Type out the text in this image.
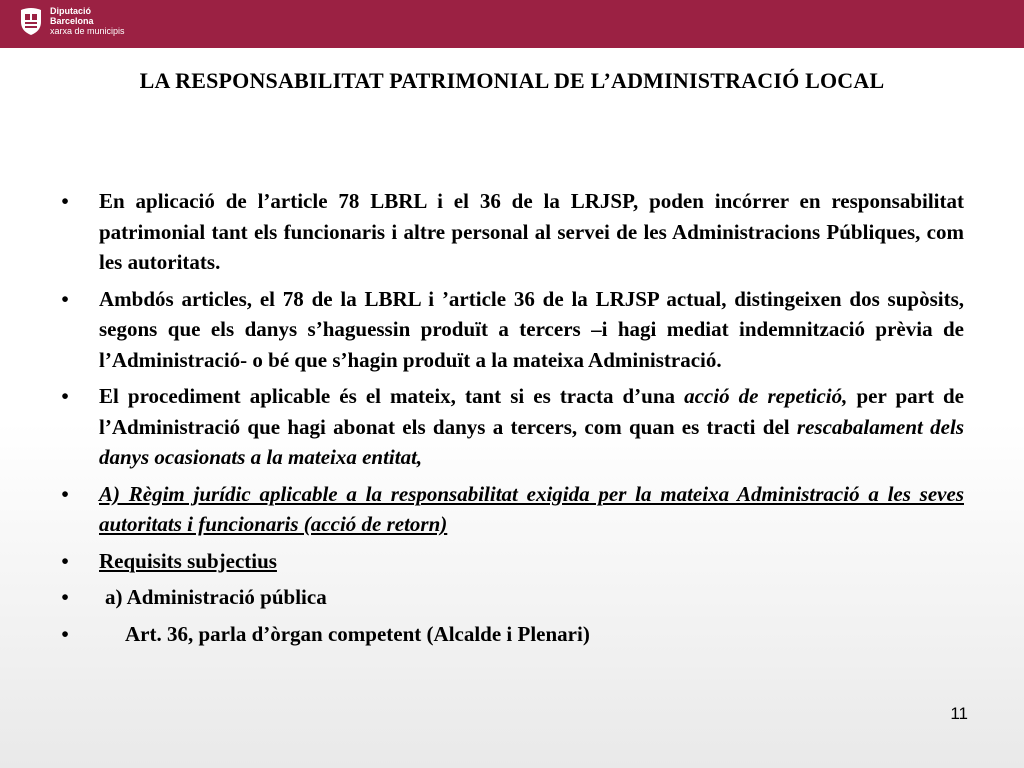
Diputació
Barcelona
xarxa de municipis
LA RESPONSABILITAT PATRIMONIAL DE L’ADMINISTRACIÓ LOCAL
• En aplicació de l’article 78 LBRL i el 36 de la LRJSP, poden incórrer en responsabilitat patrimonial tant els funcionaris i altre personal al servei de les Administracions Públiques, com les autoritats.
• Ambdós articles, el 78 de la LBRL i ’article 36 de la LRJSP actual, distingeixen dos supòsits, segons que els danys s’haguessin produït a tercers –i hagi mediat indemnització prèvia de l’Administració- o bé que s’hagin produït a la mateixa Administració.
• El procediment aplicable és el mateix, tant si es tracta d’una acció de repetició, per part de l’Administració que hagi abonat els danys a tercers, com quan es tracti del rescabalament dels danys ocasionats a la mateixa entitat,
• A) Règim jurídic aplicable a la responsabilitat exigida per la mateixa Administració a les seves autoritats i funcionaris (acció de retorn)
• Requisits subjectius
• a) Administració pública
•	Art. 36, parla d’òrgan competent (Alcalde i Plenari)
11
